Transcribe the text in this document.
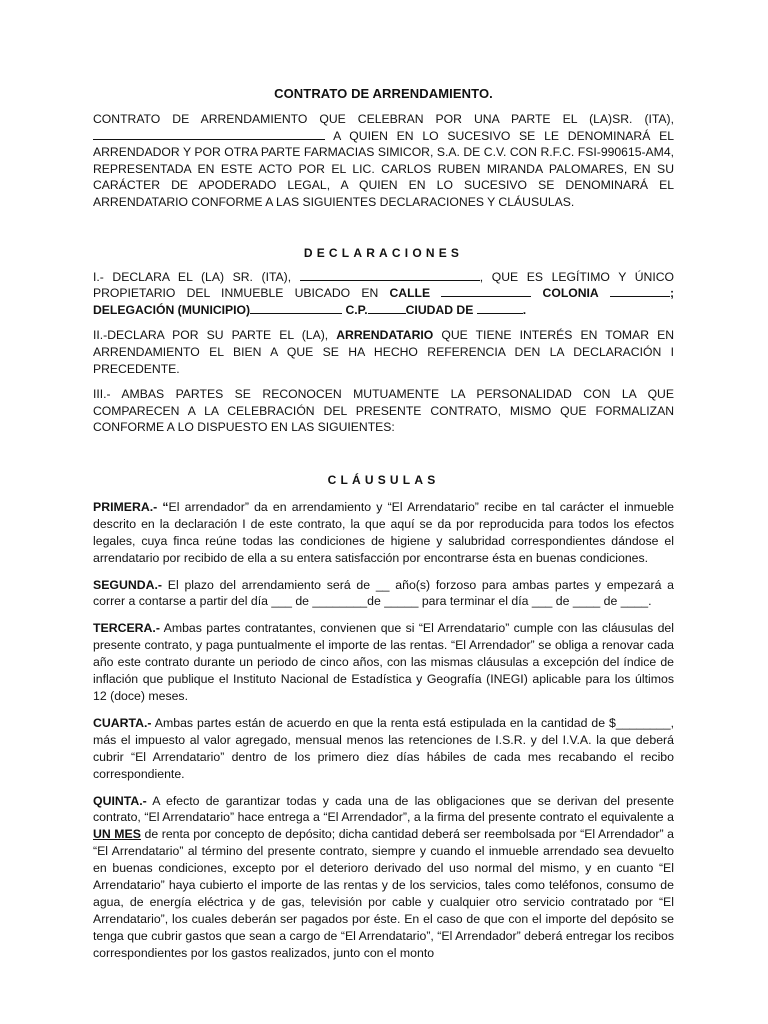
CONTRATO DE ARRENDAMIENTO.

CONTRATO DE ARRENDAMIENTO QUE CELEBRAN POR UNA PARTE EL (LA)SR. (ITA),  A QUIEN EN LO SUCESIVO SE LE DENOMINARÁ EL ARRENDADOR Y POR OTRA PARTE FARMACIAS SIMICOR, S.A. DE C.V. CON R.F.C. FSI-990615-AM4, REPRESENTADA EN ESTE ACTO POR EL LIC. CARLOS RUBEN MIRANDA PALOMARES, EN SU CARÁCTER DE APODERADO LEGAL, A QUIEN EN LO SUCESIVO SE DENOMINARÁ EL ARRENDATARIO CONFORME A LAS SIGUIENTES DECLARACIONES Y CLÁUSULAS.

DECLARACIONES

I.- DECLARA EL (LA) SR. (ITA),	, QUE ES LEGÍTIMO Y ÚNICO PROPIETARIO DEL INMUEBLE UBICADO EN CALLE	COLONIA	; DELEGACIÓN (MUNICIPIO)	C.P.	CIUDAD DE	.

II.-DECLARA POR SU PARTE EL (LA), ARRENDATARIO QUE TIENE INTERÉS EN TOMAR EN ARRENDAMIENTO EL BIEN A QUE SE HA HECHO REFERENCIA DEN LA DECLARACIÓN I PRECEDENTE.

III.- AMBAS PARTES SE RECONOCEN MUTUAMENTE LA PERSONALIDAD CON LA QUE COMPARECEN A LA CELEBRACIÓN DEL PRESENTE CONTRATO, MISMO QUE FORMALIZAN CONFORME A LO DISPUESTO EN LAS SIGUIENTES:

CLÁUSULAS

PRIMERA.- “El arrendador” da en arrendamiento y “El Arrendatario” recibe en tal carácter el inmueble descrito en la declaración I de este contrato, la que aquí se da por reproducida para todos los efectos legales, cuya finca reúne todas las condiciones de higiene y salubridad correspondientes dándose el arrendatario por recibido de ella a su entera satisfacción por encontrarse ésta en buenas condiciones.

SEGUNDA.- El plazo del arrendamiento será de __ año(s) forzoso para ambas partes y empezará a correr a contarse a partir del día ___ de ________de _____ para terminar el día ___ de ____ de ____.

TERCERA.- Ambas partes contratantes, convienen que si “El Arrendatario” cumple con las cláusulas del presente contrato, y paga puntualmente el importe de las rentas. “El Arrendador” se obliga a renovar cada año este contrato durante un periodo de cinco años, con las mismas cláusulas a excepción del índice de inflación que publique el Instituto Nacional de Estadística y Geografía (INEGI) aplicable para los últimos 12 (doce) meses.

CUARTA.- Ambas partes están de acuerdo en que la renta está estipulada en la cantidad de $________, más el impuesto al valor agregado, mensual menos las retenciones de I.S.R. y del I.V.A. la que deberá cubrir “El Arrendatario” dentro de los primero diez días hábiles de cada mes recabando el recibo correspondiente.

QUINTA.- A efecto de garantizar todas y cada una de las obligaciones que se derivan del presente contrato, “El Arrendatario” hace entrega a “El Arrendador”, a la firma del presente contrato el equivalente a UN MES de renta por concepto de depósito; dicha cantidad deberá ser reembolsada por “El Arrendador” a “El Arrendatario” al término del presente contrato, siempre y cuando el inmueble arrendado sea devuelto en buenas condiciones, excepto por el deterioro derivado del uso normal del mismo, y en cuanto “El Arrendatario” haya cubierto el importe de las rentas y de los servicios, tales como teléfonos, consumo de agua, de energía eléctrica y de gas, televisión por cable y cualquier otro servicio contratado por “El Arrendatario”, los cuales deberán ser pagados por éste. En el caso de que con el importe del depósito se tenga que cubrir gastos que sean a cargo de “El Arrendatario”, “El Arrendador” deberá entregar los recibos correspondientes por los gastos realizados, junto con el monto
